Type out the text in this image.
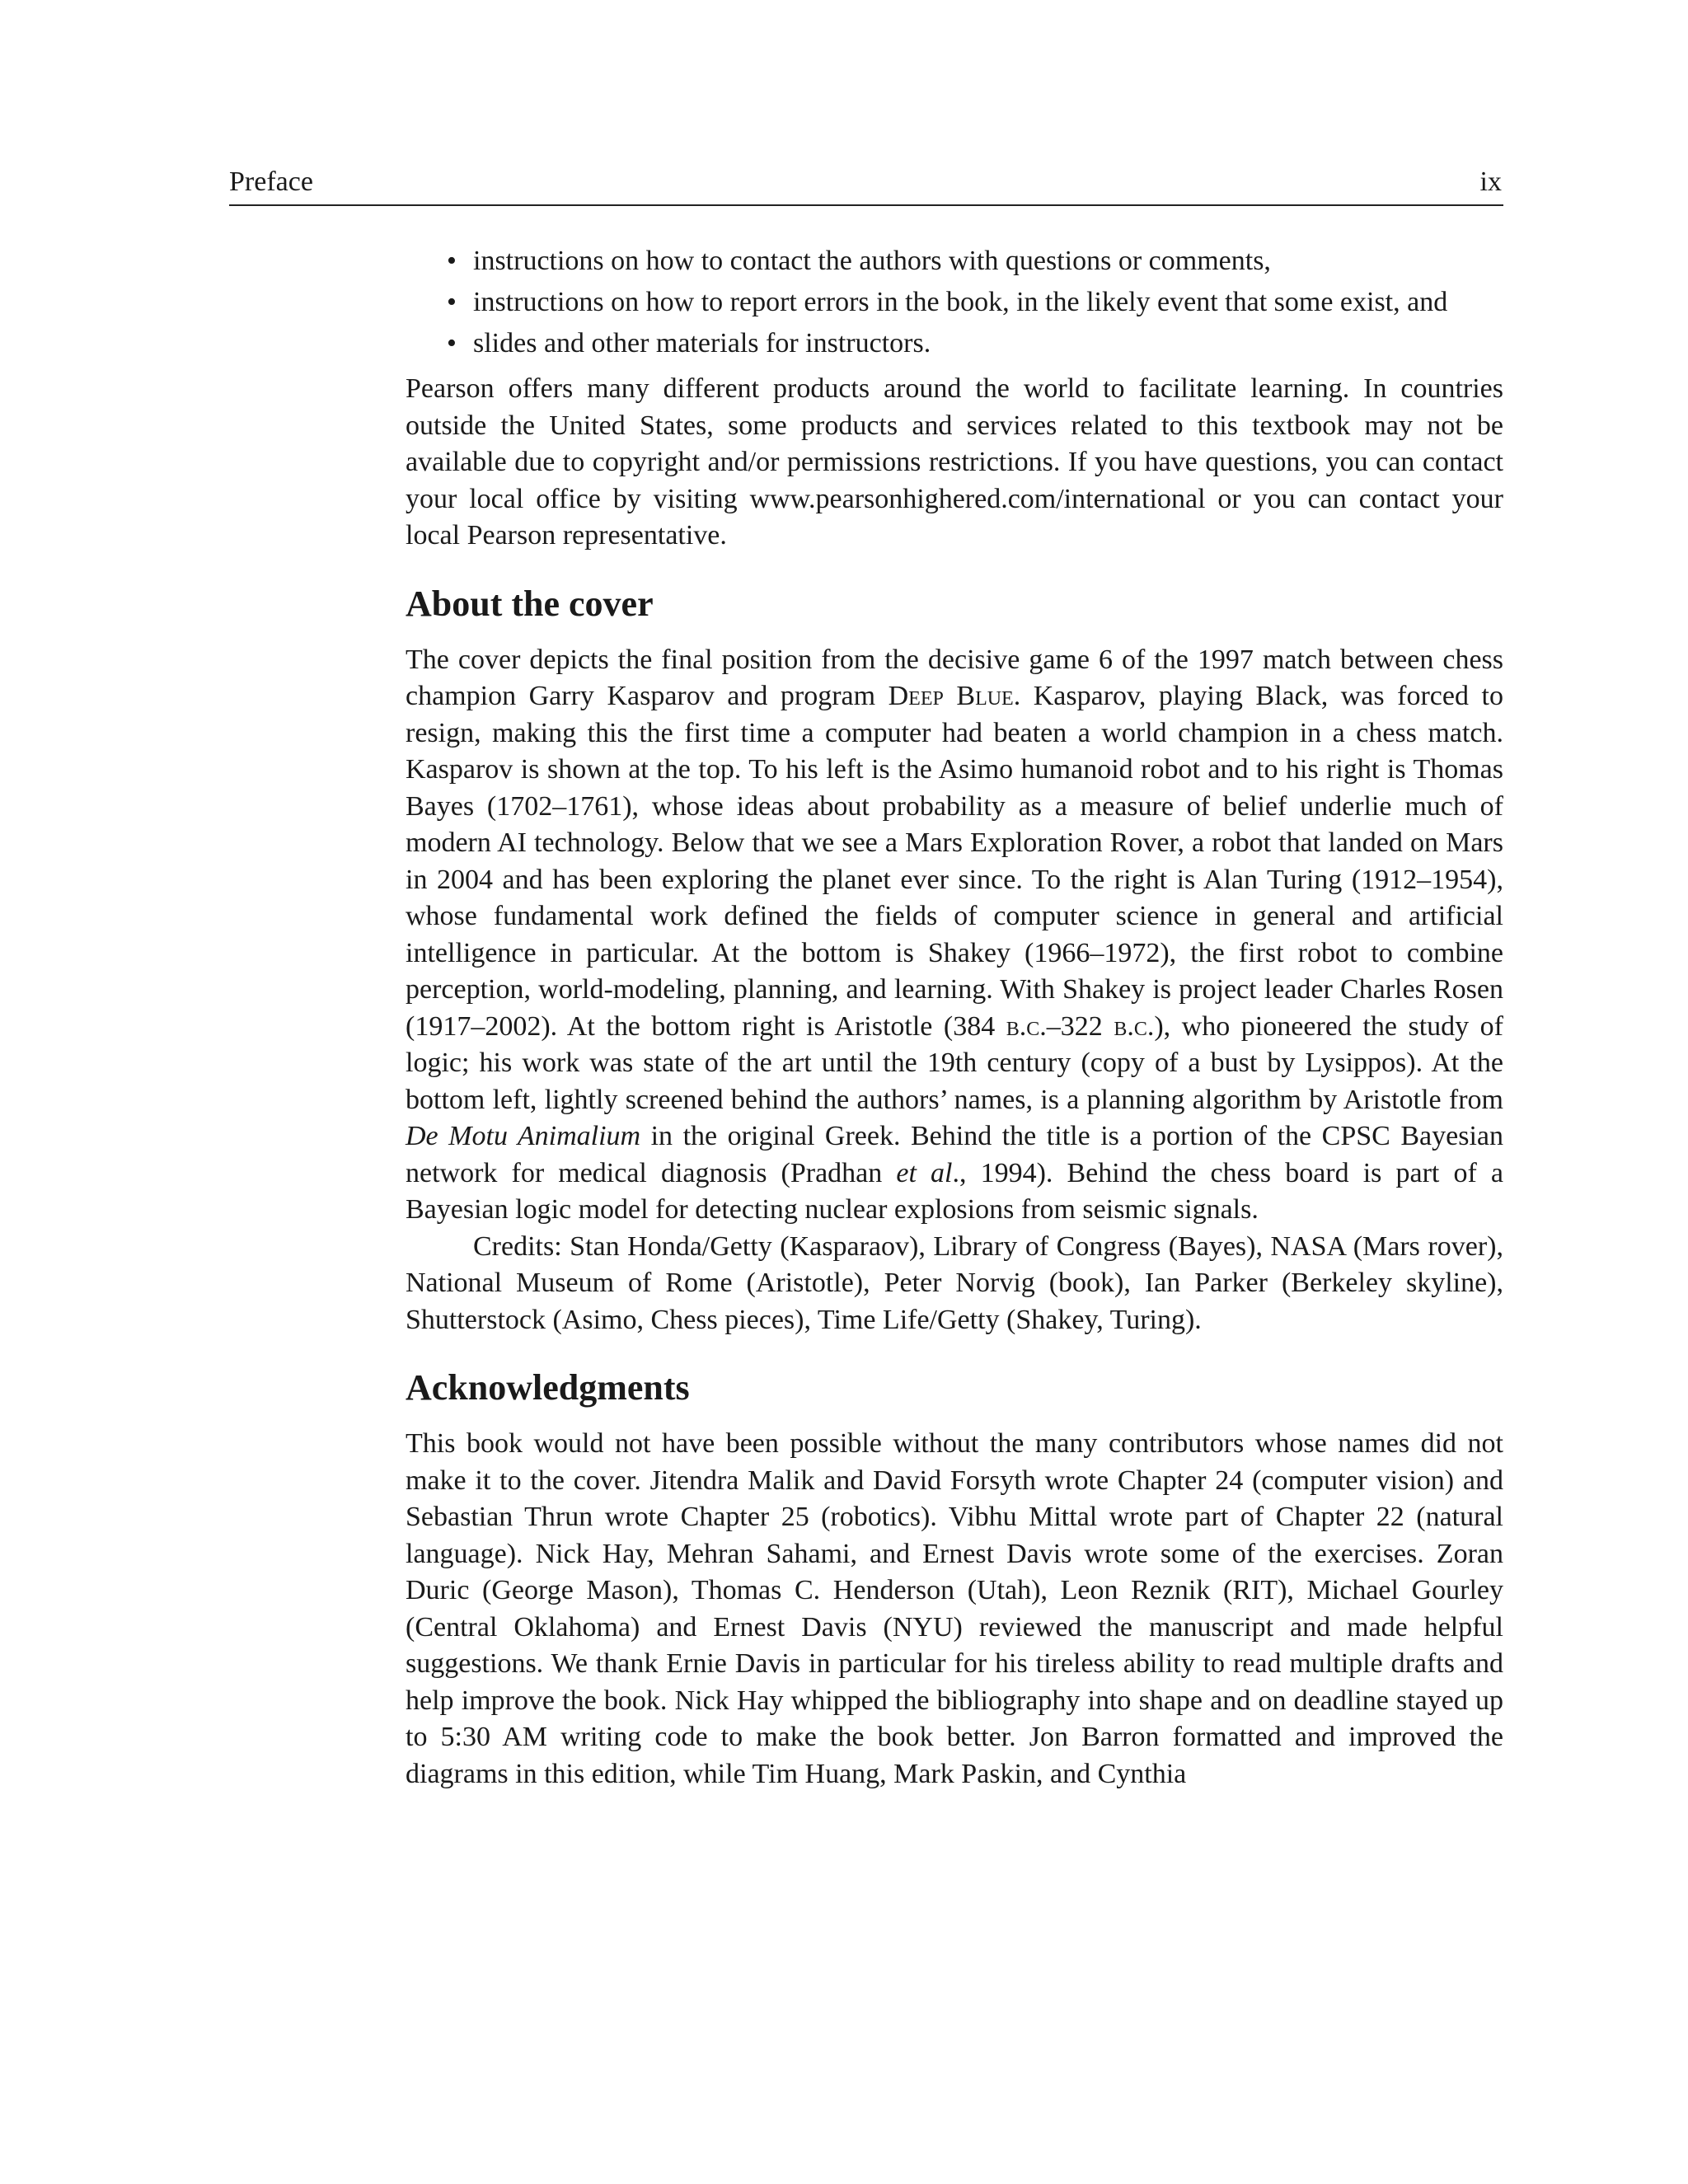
Preface	ix
• instructions on how to contact the authors with questions or comments,
• instructions on how to report errors in the book, in the likely event that some exist, and
• slides and other materials for instructors.

Pearson offers many different products around the world to facilitate learning. In countries outside the United States, some products and services related to this textbook may not be available due to copyright and/or permissions restrictions. If you have questions, you can contact your local office by visiting www.pearsonhighered.com/international or you can contact your local Pearson representative.

About the cover

The cover depicts the final position from the decisive game 6 of the 1997 match between chess champion Garry Kasparov and program Deep Blue. Kasparov, playing Black, was forced to resign, making this the first time a computer had beaten a world champion in a chess match. Kasparov is shown at the top. To his left is the Asimo humanoid robot and to his right is Thomas Bayes (1702–1761), whose ideas about probability as a measure of belief underlie much of modern AI technology. Below that we see a Mars Exploration Rover, a robot that landed on Mars in 2004 and has been exploring the planet ever since. To the right is Alan Turing (1912–1954), whose fundamental work defined the fields of computer science in general and artificial intelligence in particular. At the bottom is Shakey (1966–1972), the first robot to combine perception, world-modeling, planning, and learning. With Shakey is project leader Charles Rosen (1917–2002). At the bottom right is Aristotle (384 b.c.–322 b.c.), who pioneered the study of logic; his work was state of the art until the 19th century (copy of a bust by Lysippos). At the bottom left, lightly screened behind the authors’ names, is a planning algorithm by Aristotle from De Motu Animalium in the original Greek. Behind the title is a portion of the CPSC Bayesian network for medical diagnosis (Pradhan et al., 1994). Behind the chess board is part of a Bayesian logic model for detecting nuclear explosions from seismic signals.

Credits: Stan Honda/Getty (Kasparaov), Library of Congress (Bayes), NASA (Mars rover), National Museum of Rome (Aristotle), Peter Norvig (book), Ian Parker (Berkeley skyline), Shutterstock (Asimo, Chess pieces), Time Life/Getty (Shakey, Turing).

Acknowledgments

This book would not have been possible without the many contributors whose names did not make it to the cover. Jitendra Malik and David Forsyth wrote Chapter 24 (computer vision) and Sebastian Thrun wrote Chapter 25 (robotics). Vibhu Mittal wrote part of Chapter 22 (natural language). Nick Hay, Mehran Sahami, and Ernest Davis wrote some of the exercises. Zoran Duric (George Mason), Thomas C. Henderson (Utah), Leon Reznik (RIT), Michael Gourley (Central Oklahoma) and Ernest Davis (NYU) reviewed the manuscript and made helpful suggestions. We thank Ernie Davis in particular for his tireless ability to read multiple drafts and help improve the book. Nick Hay whipped the bibliography into shape and on deadline stayed up to 5:30 AM writing code to make the book better. Jon Barron formatted and improved the diagrams in this edition, while Tim Huang, Mark Paskin, and Cynthia
